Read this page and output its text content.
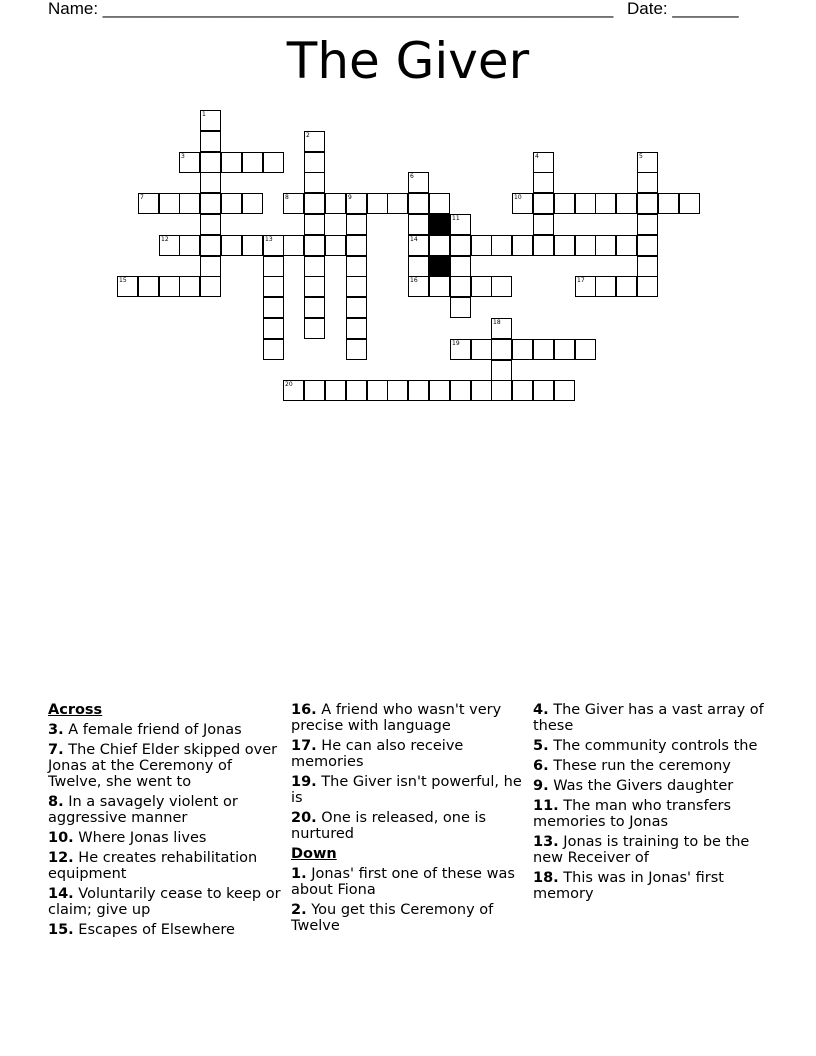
Name: ______________________________________________________ Date: _______
The Giver
3
7	8	9	10
12	13	14
15	16	17
19
20
1
2
4	5
6
11
18
Across
3. A female friend of Jonas
7. The Chief Elder skipped over Jonas at the Ceremony of Twelve, she went to
8. In a savagely violent or aggressive manner
10. Where Jonas lives
12. He creates rehabilitation equipment
14. Voluntarily cease to keep or claim; give up
15. Escapes of Elsewhere
16. A friend who wasn't very precise with language
17. He can also receive memories
19. The Giver isn't powerful, he is
20. One is released, one is nurtured
Down
1. Jonas' first one of these was about Fiona
2. You get this Ceremony of Twelve
4. The Giver has a vast array of these
5. The community controls the
6. These run the ceremony
9. Was the Givers daughter
11. The man who transfers memories to Jonas
13. Jonas is training to be the new Receiver of
18. This was in Jonas' first memory
